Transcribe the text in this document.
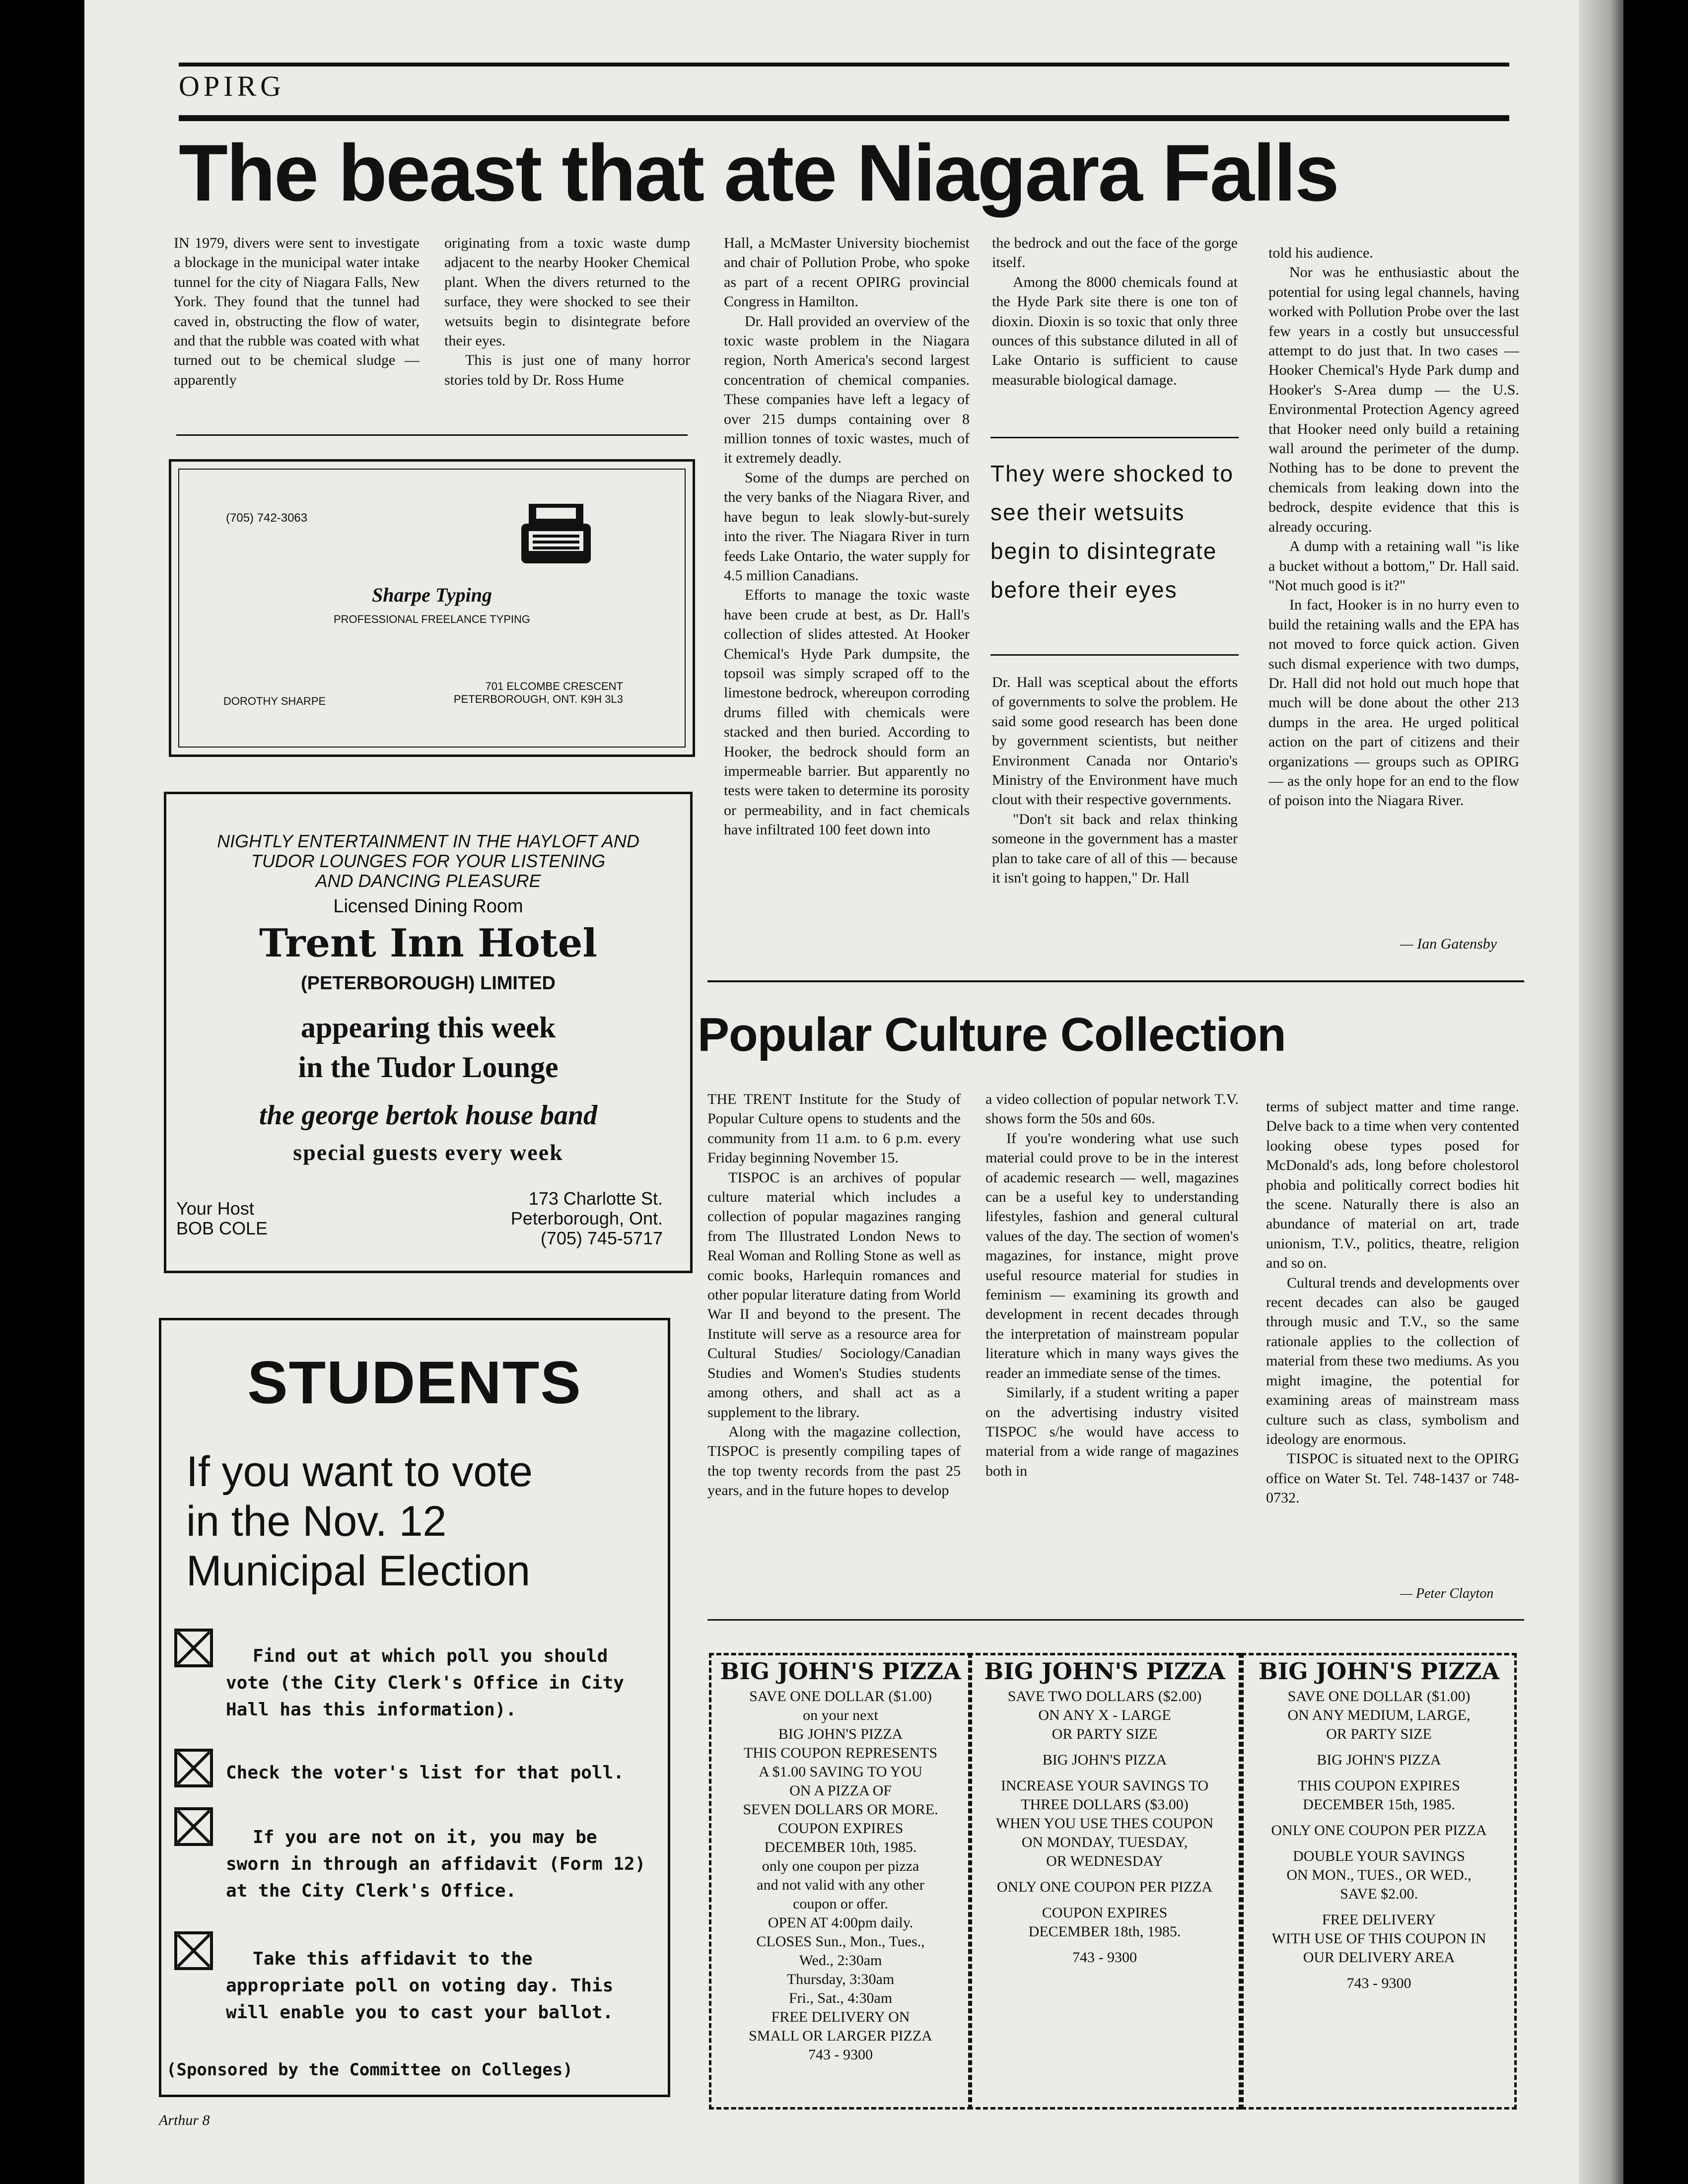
OPIRG
The beast that ate Niagara Falls

IN 1979, divers were sent to investigate a blockage in the municipal water intake tunnel for the city of Niagara Falls, New York. They found that the tunnel had caved in, obstructing the flow of water, and that the rubble was coated with what turned out to be chemical sludge — apparently

originating from a toxic waste dump adjacent to the nearby Hooker Chemical plant. When the divers returned to the surface, they were shocked to see their wetsuits begin to disintegrate before their eyes.

This is just one of many horror stories told by Dr. Ross Hume

Hall, a McMaster University biochemist and chair of Pollution Probe, who spoke as part of a recent OPIRG provincial Congress in Hamilton.

Dr. Hall provided an overview of the toxic waste problem in the Niagara region, North America's second largest concentration of chemical companies. These companies have left a legacy of over 215 dumps containing over 8 million tonnes of toxic wastes, much of it extremely deadly.

Some of the dumps are perched on the very banks of the Niagara River, and have begun to leak slowly-but-surely into the river. The Niagara River in turn feeds Lake Ontario, the water supply for 4.5 million Canadians.

Efforts to manage the toxic waste have been crude at best, as Dr. Hall's collection of slides attested. At Hooker Chemical's Hyde Park dumpsite, the topsoil was simply scraped off to the limestone bedrock, whereupon corroding drums filled with chemicals were stacked and then buried. According to Hooker, the bedrock should form an impermeable barrier. But apparently no tests were taken to determine its porosity or permeability, and in fact chemicals have infiltrated 100 feet down into

the bedrock and out the face of the gorge itself.

Among the 8000 chemicals found at the Hyde Park site there is one ton of dioxin. Dioxin is so toxic that only three ounces of this substance diluted in all of Lake Ontario is sufficient to cause measurable biological damage.

They were shocked to see their wetsuits begin to disintegrate before their eyes

Dr. Hall was sceptical about the efforts of governments to solve the problem. He said some good research has been done by government scientists, but neither Environment Canada nor Ontario's Ministry of the Environment have much clout with their respective governments.

"Don't sit back and relax thinking someone in the government has a master plan to take care of all of this — because it isn't going to happen," Dr. Hall

told his audience.

Nor was he enthusiastic about the potential for using legal channels, having worked with Pollution Probe over the last few years in a costly but unsuccessful attempt to do just that. In two cases — Hooker Chemical's Hyde Park dump and Hooker's S-Area dump — the U.S. Environmental Protection Agency agreed that Hooker need only build a retaining wall around the perimeter of the dump. Nothing has to be done to prevent the chemicals from leaking down into the bedrock, despite evidence that this is already occuring.

A dump with a retaining wall "is like a bucket without a bottom," Dr. Hall said. "Not much good is it?"

In fact, Hooker is in no hurry even to build the retaining walls and the EPA has not moved to force quick action. Given such dismal experience with two dumps, Dr. Hall did not hold out much hope that much will be done about the other 213 dumps in the area. He urged political action on the part of citizens and their organizations — groups such as OPIRG — as the only hope for an end to the flow of poison into the Niagara River.

— Ian Gatensby
(705) 742-3063
Sharpe Typing
PROFESSIONAL FREELANCE TYPING
DOROTHY SHARPE
701 ELCOMBE CRESCENT
PETERBOROUGH, ONT. K9H 3L3
NIGHTLY ENTERTAINMENT IN THE HAYLOFT AND
TUDOR LOUNGES FOR YOUR LISTENING
AND DANCING PLEASURE
Licensed Dining Room
Trent Inn Hotel
(PETERBOROUGH) LIMITED
appearing this week
in the Tudor Lounge
the george bertok house band
special guests every week
Your Host
BOB COLE
173 Charlotte St.
Peterborough, Ont.
(705) 745-5717
STUDENTS
If you want to vote
in the Nov. 12
Municipal Election
Find out at which poll you should vote (the City Clerk's Office in City Hall has this information).
Check the voter's list for that poll.
If you are not on it, you may be sworn in through an affidavit (Form 12) at the City Clerk's Office.
Take this affidavit to the appropriate poll on voting day. This will enable you to cast your ballot.
(Sponsored by the Committee on Colleges)
Popular Culture Collection

THE TRENT Institute for the Study of Popular Culture opens to students and the community from 11 a.m. to 6 p.m. every Friday beginning November 15.

TISPOC is an archives of popular culture material which includes a collection of popular magazines ranging from The Illustrated London News to Real Woman and Rolling Stone as well as comic books, Harlequin romances and other popular literature dating from World War II and beyond to the present. The Institute will serve as a resource area for Cultural Studies/ Sociology/Canadian Studies and Women's Studies students among others, and shall act as a supplement to the library.

Along with the magazine collection, TISPOC is presently compiling tapes of the top twenty records from the past 25 years, and in the future hopes to develop

a video collection of popular network T.V. shows form the 50s and 60s.

If you're wondering what use such material could prove to be in the interest of academic research — well, magazines can be a useful key to understanding lifestyles, fashion and general cultural values of the day. The section of women's magazines, for instance, might prove useful resource material for studies in feminism — examining its growth and development in recent decades through the interpretation of mainstream popular literature which in many ways gives the reader an immediate sense of the times.

Similarly, if a student writing a paper on the advertising industry visited TISPOC s/he would have access to material from a wide range of magazines both in

terms of subject matter and time range. Delve back to a time when very contented looking obese types posed for McDonald's ads, long before cholestorol phobia and politically correct bodies hit the scene. Naturally there is also an abundance of material on art, trade unionism, T.V., politics, theatre, religion and so on.

Cultural trends and developments over recent decades can also be gauged through music and T.V., so the same rationale applies to the collection of material from these two mediums. As you might imagine, the potential for examining areas of mainstream mass culture such as class, symbolism and ideology are enormous.

TISPOC is situated next to the OPIRG office on Water St. Tel. 748-1437 or 748-0732.

— Peter Clayton
BIG JOHN'S PIZZA
SAVE ONE DOLLAR ($1.00)
on your next
BIG JOHN'S PIZZA
THIS COUPON REPRESENTS
A $1.00 SAVING TO YOU
ON A PIZZA OF
SEVEN DOLLARS OR MORE.
COUPON EXPIRES
DECEMBER 10th, 1985.
only one coupon per pizza
and not valid with any other
coupon or offer.
OPEN AT 4:00pm daily.
CLOSES Sun., Mon., Tues.,
Wed., 2:30am
Thursday, 3:30am
Fri., Sat., 4:30am
FREE DELIVERY ON
SMALL OR LARGER PIZZA
743 - 9300
BIG JOHN'S PIZZA
SAVE TWO DOLLARS ($2.00)
ON ANY X - LARGE
OR PARTY SIZE

BIG JOHN'S PIZZA

INCREASE YOUR SAVINGS TO
THREE DOLLARS ($3.00)
WHEN YOU USE THES COUPON
ON MONDAY, TUESDAY,
OR WEDNESDAY

ONLY ONE COUPON PER PIZZA

COUPON EXPIRES
DECEMBER 18th, 1985.

743 - 9300
BIG JOHN'S PIZZA
SAVE ONE DOLLAR ($1.00)
ON ANY MEDIUM, LARGE,
OR PARTY SIZE

BIG JOHN'S PIZZA

THIS COUPON EXPIRES
DECEMBER 15th, 1985.

ONLY ONE COUPON PER PIZZA

DOUBLE YOUR SAVINGS
ON MON., TUES., OR WED.,
SAVE $2.00.

FREE DELIVERY
WITH USE OF THIS COUPON IN
OUR DELIVERY AREA

743 - 9300
Arthur 8
